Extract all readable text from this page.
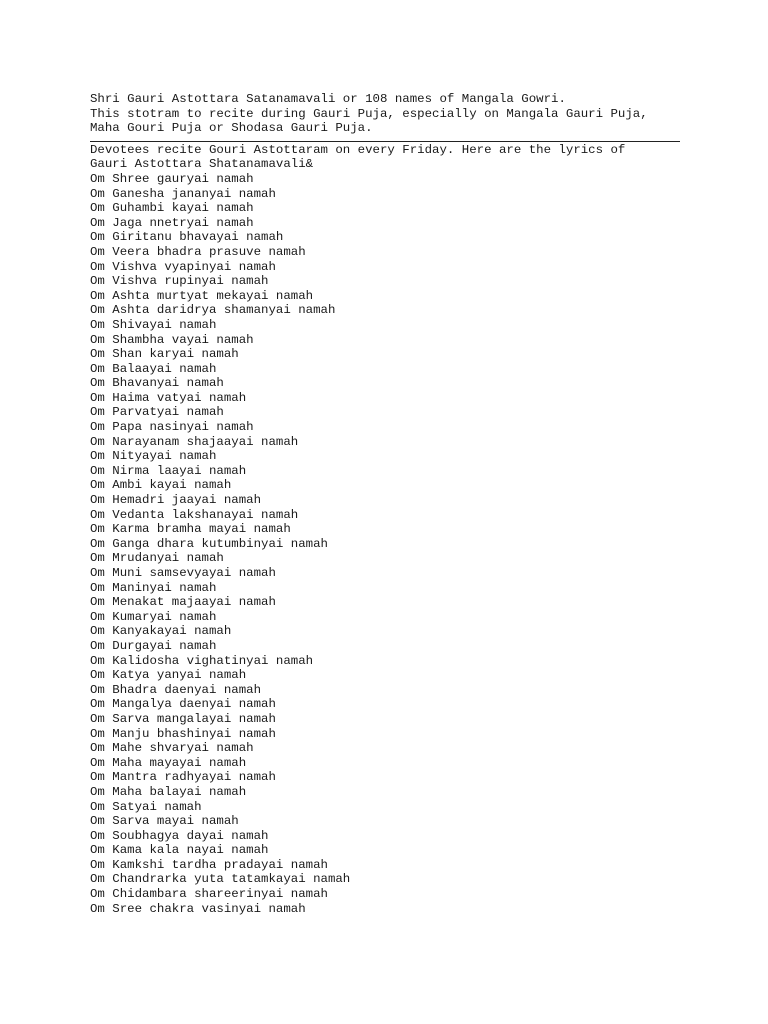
Shri Gauri Astottara Satanamavali or 108 names of Mangala Gowri.
This stotram to recite during Gauri Puja, especially on Mangala Gauri Puja,
Maha Gouri Puja or Shodasa Gauri Puja.
Devotees recite Gouri Astottaram on every Friday. Here are the lyrics of
Gauri Astottara Shatanamavali&
Om Shree gauryai namah
Om Ganesha jananyai namah
Om Guhambi kayai namah
Om Jaga nnetryai namah
Om Giritanu bhavayai namah
Om Veera bhadra prasuve namah
Om Vishva vyapinyai namah
Om Vishva rupinyai namah
Om Ashta murtyat mekayai namah
Om Ashta daridrya shamanyai namah
Om Shivayai namah
Om Shambha vayai namah
Om Shan karyai namah
Om Balaayai namah
Om Bhavanyai namah
Om Haima vatyai namah
Om Parvatyai namah
Om Papa nasinyai namah
Om Narayanam shajaayai namah
Om Nityayai namah
Om Nirma laayai namah
Om Ambi kayai namah
Om Hemadri jaayai namah
Om Vedanta lakshanayai namah
Om Karma bramha mayai namah
Om Ganga dhara kutumbinyai namah
Om Mrudanyai namah
Om Muni samsevyayai namah
Om Maninyai namah
Om Menakat majaayai namah
Om Kumaryai namah
Om Kanyakayai namah
Om Durgayai namah
Om Kalidosha vighatinyai namah
Om Katya yanyai namah
Om Bhadra daenyai namah
Om Mangalya daenyai namah
Om Sarva mangalayai namah
Om Manju bhashinyai namah
Om Mahe shvaryai namah
Om Maha mayayai namah
Om Mantra radhyayai namah
Om Maha balayai namah
Om Satyai namah
Om Sarva mayai namah
Om Soubhagya dayai namah
Om Kama kala nayai namah
Om Kamkshi tardha pradayai namah
Om Chandrarka yuta tatamkayai namah
Om Chidambara shareerinyai namah
Om Sree chakra vasinyai namah
